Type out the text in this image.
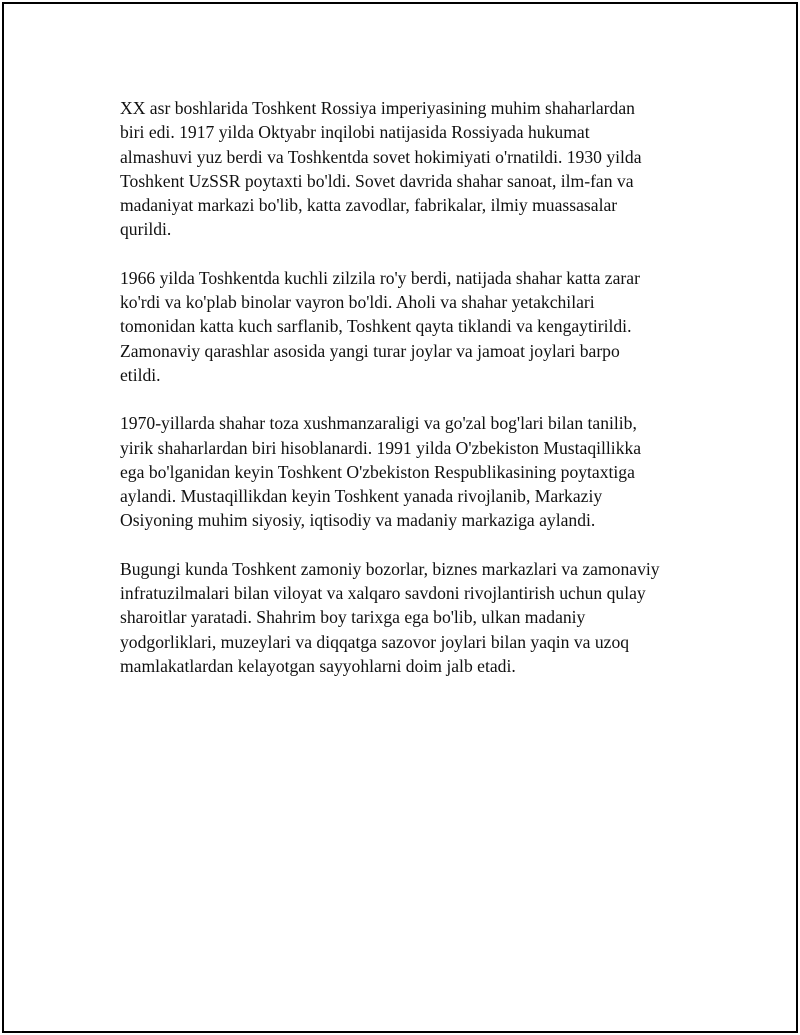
XX asr boshlarida Toshkent Rossiya imperiyasining muhim shaharlardan
biri edi. 1917 yilda Oktyabr inqilobi natijasida Rossiyada hukumat
almashuvi yuz berdi va Toshkentda sovet hokimiyati o'rnatildi. 1930 yilda
Toshkent UzSSR poytaxti bo'ldi. Sovet davrida shahar sanoat, ilm-fan va
madaniyat markazi bo'lib, katta zavodlar, fabrikalar, ilmiy muassasalar
qurildi.

1966 yilda Toshkentda kuchli zilzila ro'y berdi, natijada shahar katta zarar
ko'rdi va ko'plab binolar vayron bo'ldi. Aholi va shahar yetakchilari
tomonidan katta kuch sarflanib, Toshkent qayta tiklandi va kengaytirildi.
Zamonaviy qarashlar asosida yangi turar joylar va jamoat joylari barpo
etildi.

1970-yillarda shahar toza xushmanzaraligi va go'zal bog'lari bilan tanilib,
yirik shaharlardan biri hisoblanardi. 1991 yilda O'zbekiston Mustaqillikka
ega bo'lganidan keyin Toshkent O'zbekiston Respublikasining poytaxtiga
aylandi. Mustaqillikdan keyin Toshkent yanada rivojlanib, Markaziy
Osiyoning muhim siyosiy, iqtisodiy va madaniy markaziga aylandi.

Bugungi kunda Toshkent zamoniy bozorlar, biznes markazlari va zamonaviy
infratuzilmalari bilan viloyat va xalqaro savdoni rivojlantirish uchun qulay
sharoitlar yaratadi. Shahrim boy tarixga ega bo'lib, ulkan madaniy
yodgorliklari, muzeylari va diqqatga sazovor joylari bilan yaqin va uzoq
mamlakatlardan kelayotgan sayyohlarni doim jalb etadi.
